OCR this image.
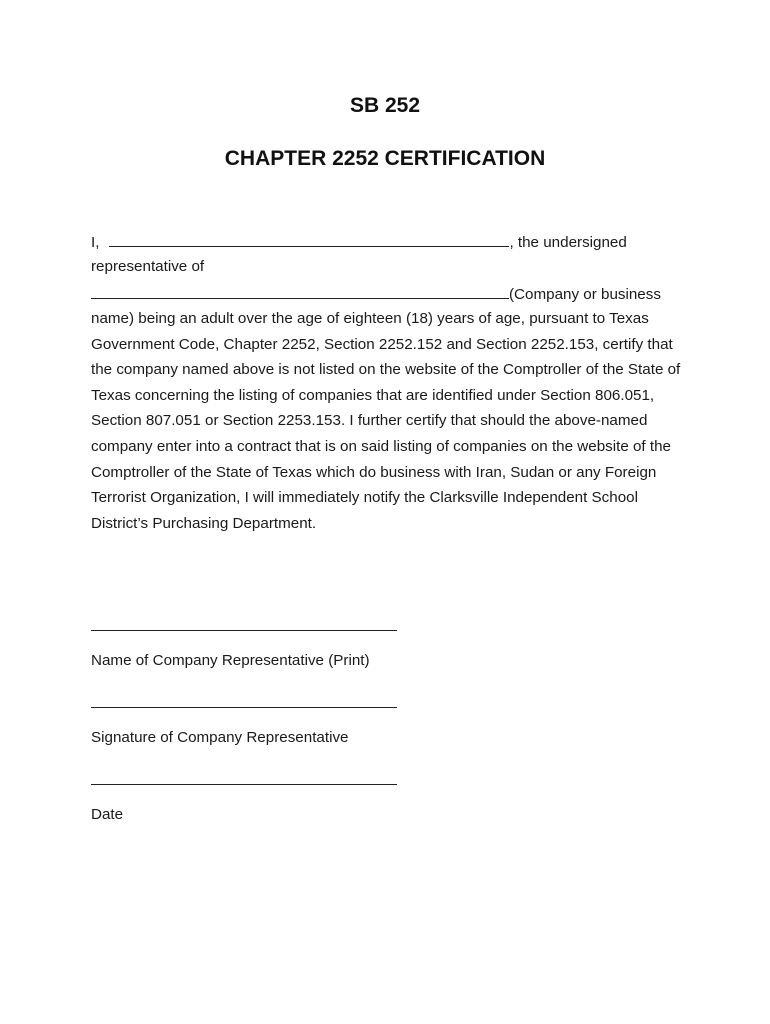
SB 252
CHAPTER 2252 CERTIFICATION
I,	, the undersigned
representative of
(Company or business
name) being an adult over the age of eighteen (18) years of age, pursuant to Texas Government Code, Chapter 2252, Section 2252.152 and Section 2252.153, certify that the company named above is not listed on the website of the Comptroller of the State of Texas concerning the listing of companies that are identified under Section 806.051, Section 807.051 or Section 2253.153. I further certify that should the above-named company enter into a contract that is on said listing of companies on the website of the Comptroller of the State of Texas which do business with Iran, Sudan or any Foreign Terrorist Organization, I will immediately notify the Clarksville Independent School District’s Purchasing Department.
Name of Company Representative (Print)
Signature of Company Representative
Date
